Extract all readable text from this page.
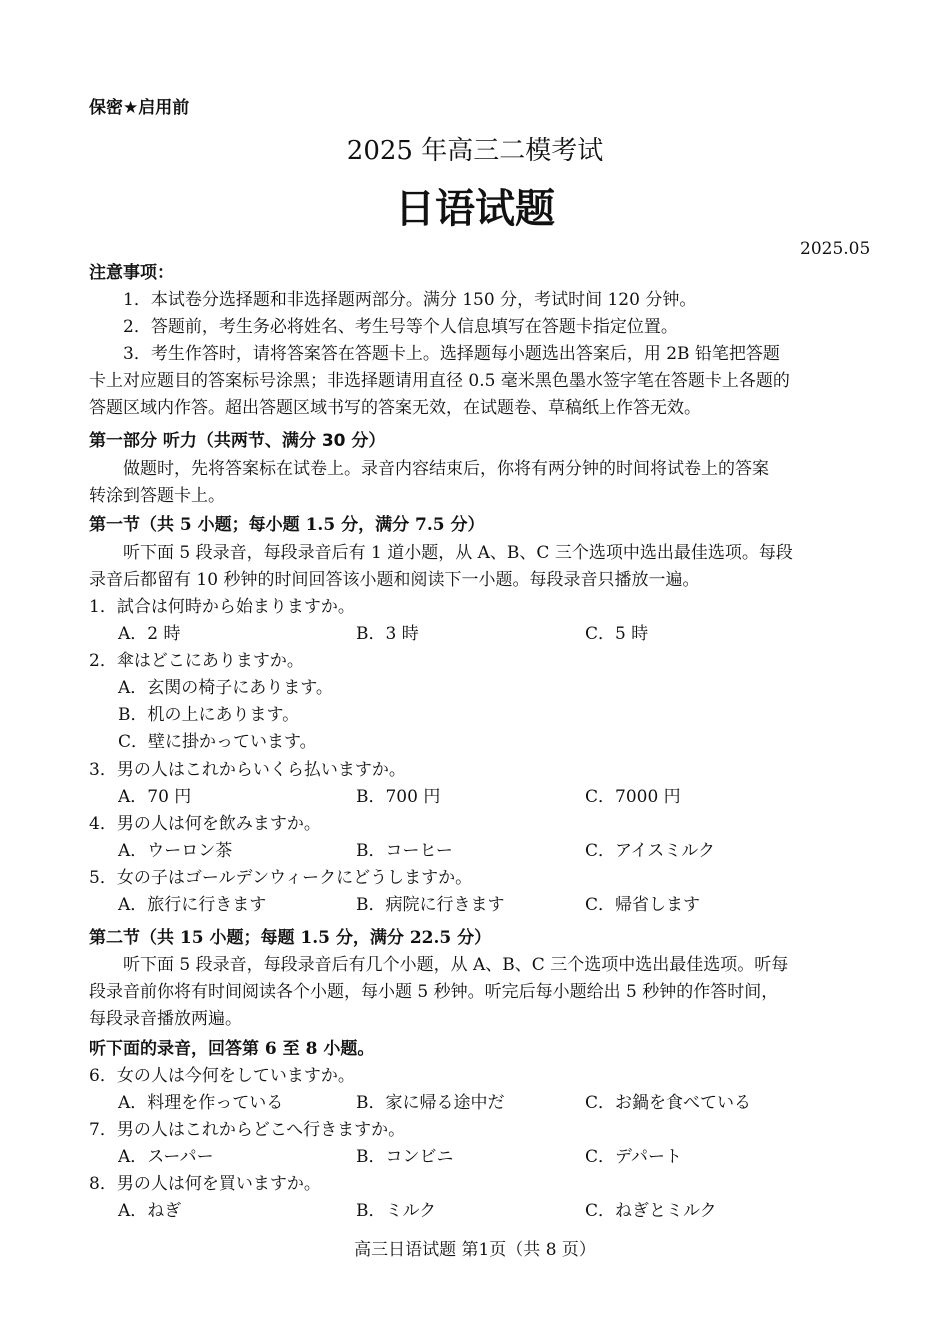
保密★启用前
2025 年高三二模考试
日语试题
2025.05
注意事项：
1．本试卷分选择题和非选择题两部分。满分 150 分，考试时间 120 分钟。
2．答题前，考生务必将姓名、考生号等个人信息填写在答题卡指定位置。
3．考生作答时，请将答案答在答题卡上。选择题每小题选出答案后，用 2B 铅笔把答题
卡上对应题目的答案标号涂黑；非选择题请用直径 0.5 毫米黑色墨水签字笔在答题卡上各题的
答题区域内作答。超出答题区域书写的答案无效，在试题卷、草稿纸上作答无效。
第一部分 听力（共两节、满分 30 分）
做题时，先将答案标在试卷上。录音内容结束后，你将有两分钟的时间将试卷上的答案
转涂到答题卡上。
第一节（共 5 小题；每小题 1.5 分，满分 7.5 分）
听下面 5 段录音，每段录音后有 1 道小题，从 A、B、C 三个选项中选出最佳选项。每段
录音后都留有 10 秒钟的时间回答该小题和阅读下一小题。每段录音只播放一遍。
1．試合は何時から始まりますか。
A．2 時	B．3 時	C．5 時
2．傘はどこにありますか。
A．玄関の椅子にあります。
B．机の上にあります。
C．壁に掛かっています。
3．男の人はこれからいくら払いますか。
A．70 円	B．700 円	C．7000 円
4．男の人は何を飲みますか。
A．ウーロン茶	B．コーヒー	C．アイスミルク
5．女の子はゴールデンウィークにどうしますか。
A．旅行に行きます	B．病院に行きます	C．帰省します
第二节（共 15 小题；每题 1.5 分，满分 22.5 分）
听下面 5 段录音，每段录音后有几个小题，从 A、B、C 三个选项中选出最佳选项。听每
段录音前你将有时间阅读各个小题，每小题 5 秒钟。听完后每小题给出 5 秒钟的作答时间，
每段录音播放两遍。
听下面的录音，回答第 6 至 8 小题。
6．女の人は今何をしていますか。
A．料理を作っている	B．家に帰る途中だ	C．お鍋を食べている
7．男の人はこれからどこへ行きますか。
A．スーパー	B．コンビニ	C．デパート
8．男の人は何を買いますか。
A．ねぎ	B．ミルク	C．ねぎとミルク
高三日语试题 第1页（共 8 页）
